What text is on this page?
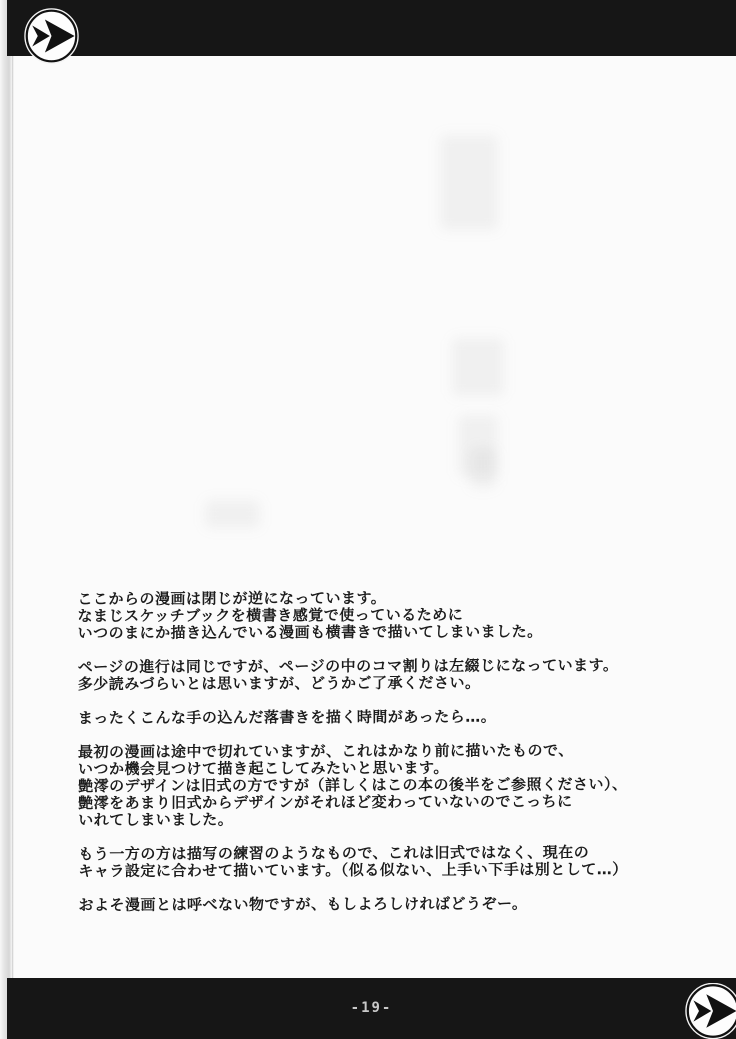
ここからの漫画は閉じが逆になっています。
なまじスケッチブックを横書き感覚で使っているために
いつのまにか描き込んでいる漫画も横書きで描いてしまいました。

ページの進行は同じですが、ページの中のコマ割りは左綴じになっています。
多少読みづらいとは思いますが、どうかご了承ください。

まったくこんな手の込んだ落書きを描く時間があったら…。

最初の漫画は途中で切れていますが、これはかなり前に描いたもので、
いつか機会見つけて描き起こしてみたいと思います。
艶澪のデザインは旧式の方ですが（詳しくはこの本の後半をご参照ください）、
艶澪をあまり旧式からデザインがそれほど変わっていないのでこっちに
いれてしまいました。

もう一方の方は描写の練習のようなもので、これは旧式ではなく、現在の
キャラ設定に合わせて描いています。（似る似ない、上手い下手は別として…）

およそ漫画とは呼べない物ですが、もしよろしければどうぞー。

-19-
